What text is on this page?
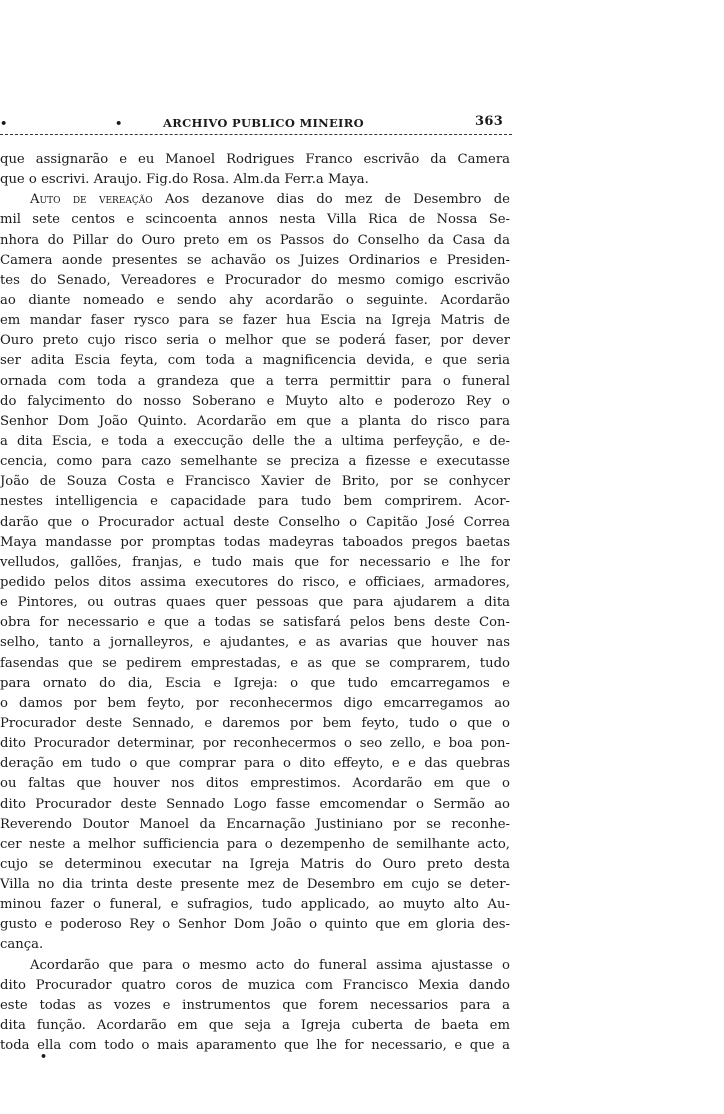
•	•	ARCHIVO PUBLICO MINEIRO	363
que assignarão e eu Manoel Rodrigues Franco escrivão da Camera
que o escrivi. Araujo. Fig.do Rosa. Alm.da Ferr.a Maya.
Auto de vereação Aos dezanove dias do mez de Desembro de
mil sete centos e scincoenta annos nesta Villa Rica de Nossa Se-
nhora do Pillar do Ouro preto em os Passos do Conselho da Casa da
Camera aonde presentes se achavão os Juizes Ordinarios e Presiden-
tes do Senado, Vereadores e Procurador do mesmo comigo escrivão
ao diante nomeado e sendo ahy acordarão o seguinte. Acordarão
em mandar faser rysco para se fazer hua Escia na Igreja Matris de
Ouro preto cujo risco seria o melhor que se poderá faser, por dever
ser adita Escia feyta, com toda a magnificencia devida, e que seria
ornada com toda a grandeza que a terra permittir para o funeral
do falycimento do nosso Soberano e Muyto alto e poderozo Rey o
Senhor Dom João Quinto. Acordarão em que a planta do risco para
a dita Escia, e toda a execcução delle the a ultima perfeyção, e de-
cencia, como para cazo semelhante se preciza a fizesse e executasse
João de Souza Costa e Francisco Xavier de Brito, por se conhycer
nestes intelligencia e capacidade para tudo bem comprirem. Acor-
darão que o Procurador actual deste Conselho o Capitão José Correa
Maya mandasse por promptas todas madeyras taboados pregos baetas
velludos, gallões, franjas, e tudo mais que for necessario e lhe for
pedido pelos ditos assima executores do risco, e officiaes, armadores,
e Pintores, ou outras quaes quer pessoas que para ajudarem a dita
obra for necessario e que a todas se satisfará pelos bens deste Con-
selho, tanto a jornalleyros, e ajudantes, e as avarias que houver nas
fasendas que se pedirem emprestadas, e as que se comprarem, tudo
para ornato do dia, Escia e Igreja: o que tudo emcarregamos e
o damos por bem feyto, por reconhecermos digo emcarregamos ao
Procurador deste Sennado, e daremos por bem feyto, tudo o que o
dito Procurador determinar, por reconhecermos o seo zello, e boa pon-
deração em tudo o que comprar para o dito effeyto, e e das quebras
ou faltas que houver nos ditos emprestimos. Acordarão em que o
dito Procurador deste Sennado Logo fasse emcomendar o Sermão ao
Reverendo Doutor Manoel da Encarnação Justiniano por se reconhe-
cer neste a melhor sufficiencia para o dezempenho de semilhante acto,
cujo se determinou executar na Igreja Matris do Ouro preto desta
Villa no dia trinta deste presente mez de Desembro em cujo se deter-
minou fazer o funeral, e sufragios, tudo applicado, ao muyto alto Au-
gusto e poderoso Rey o Senhor Dom João o quinto que em gloria des-
cança.
Acordarão que para o mesmo acto do funeral assima ajustasse o
dito Procurador quatro coros de muzica com Francisco Mexia dando
este todas as vozes e instrumentos que forem necessarios para a
dita função. Acordarão em que seja a Igreja cuberta de baeta em
toda ella com todo o mais aparamento que lhe for necessario, e que a
•
